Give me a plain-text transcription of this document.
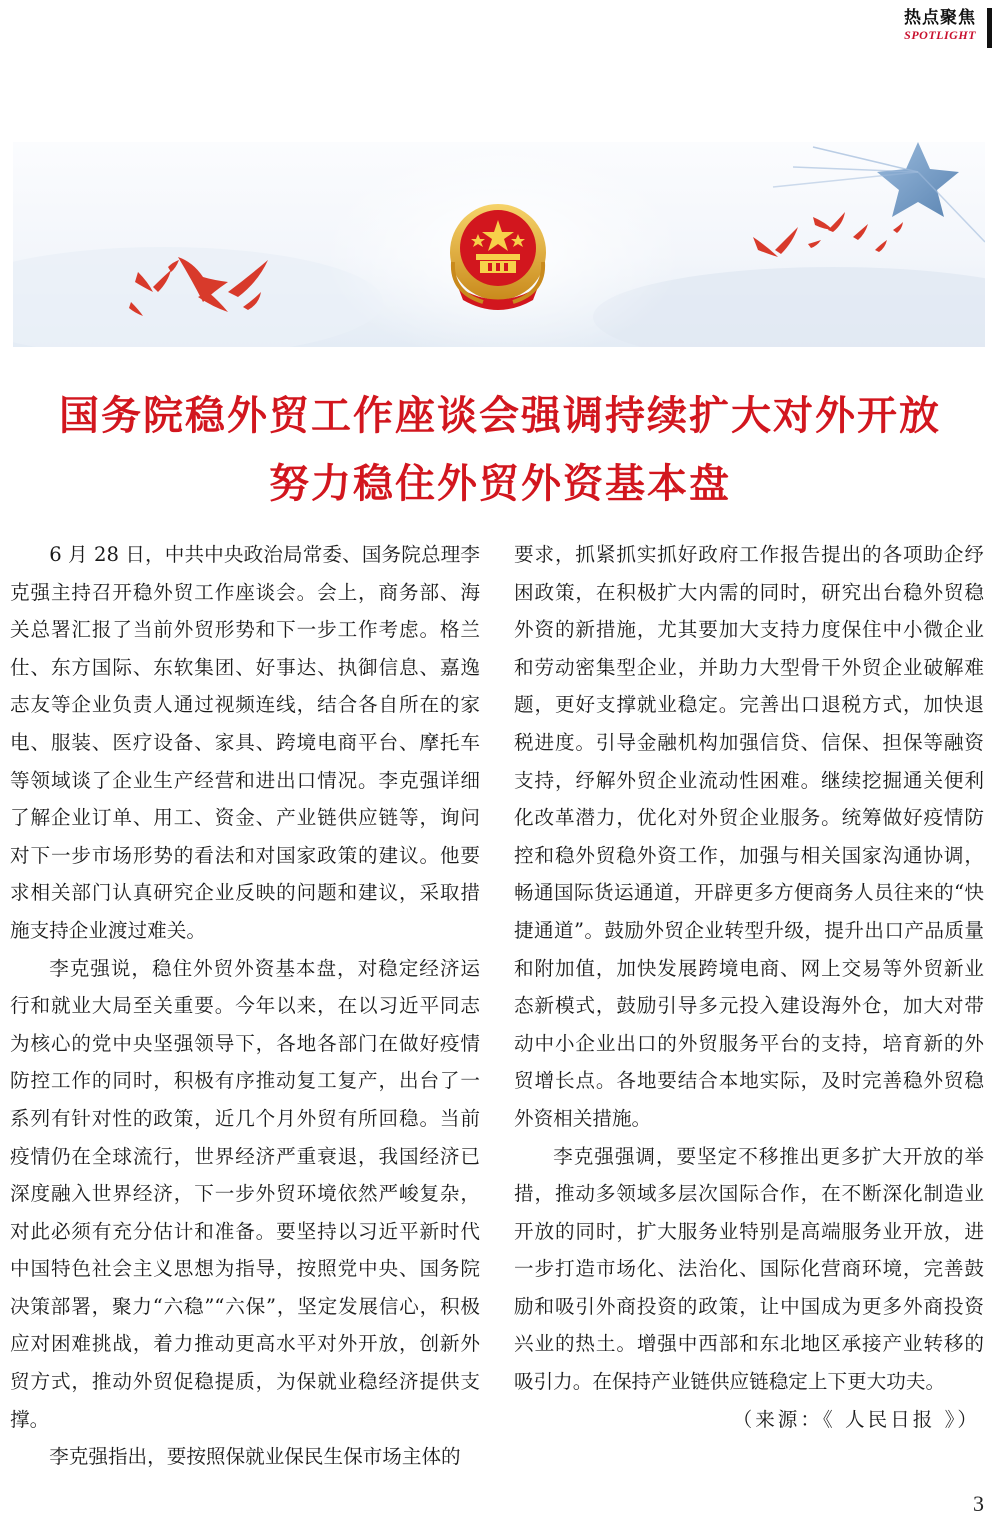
热点聚焦
SPOTLIGHT
国务院稳外贸工作座谈会强调持续扩大对外开放
努力稳住外贸外资基本盘

6 月 28 日，中共中央政治局常委、国务院总理李克强主持召开稳外贸工作座谈会。会上，商务部、海关总署汇报了当前外贸形势和下一步工作考虑。格兰仕、东方国际、东软集团、好事达、执御信息、嘉逸志友等企业负责人通过视频连线，结合各自所在的家电、服装、医疗设备、家具、跨境电商平台、摩托车等领域谈了企业生产经营和进出口情况。李克强详细了解企业订单、用工、资金、产业链供应链等，询问对下一步市场形势的看法和对国家政策的建议。他要求相关部门认真研究企业反映的问题和建议，采取措施支持企业渡过难关。

李克强说，稳住外贸外资基本盘，对稳定经济运行和就业大局至关重要。今年以来，在以习近平同志为核心的党中央坚强领导下，各地各部门在做好疫情防控工作的同时，积极有序推动复工复产，出台了一系列有针对性的政策，近几个月外贸有所回稳。当前疫情仍在全球流行，世界经济严重衰退，我国经济已深度融入世界经济，下一步外贸环境依然严峻复杂，对此必须有充分估计和准备。要坚持以习近平新时代中国特色社会主义思想为指导，按照党中央、国务院决策部署，聚力“六稳”“六保”，坚定发展信心，积极应对困难挑战，着力推动更高水平对外开放，创新外贸方式，推动外贸促稳提质，为保就业稳经济提供支撑。

李克强指出，要按照保就业保民生保市场主体的

要求，抓紧抓实抓好政府工作报告提出的各项助企纾困政策，在积极扩大内需的同时，研究出台稳外贸稳外资的新措施，尤其要加大支持力度保住中小微企业和劳动密集型企业，并助力大型骨干外贸企业破解难题，更好支撑就业稳定。完善出口退税方式，加快退税进度。引导金融机构加强信贷、信保、担保等融资支持，纾解外贸企业流动性困难。继续挖掘通关便利化改革潜力，优化对外贸企业服务。统筹做好疫情防控和稳外贸稳外资工作，加强与相关国家沟通协调，畅通国际货运通道，开辟更多方便商务人员往来的“快捷通道”。鼓励外贸企业转型升级，提升出口产品质量和附加值，加快发展跨境电商、网上交易等外贸新业态新模式，鼓励引导多元投入建设海外仓，加大对带动中小企业出口的外贸服务平台的支持，培育新的外贸增长点。各地要结合本地实际，及时完善稳外贸稳外资相关措施。

李克强强调，要坚定不移推出更多扩大开放的举措，推动多领域多层次国际合作，在不断深化制造业开放的同时，扩大服务业特别是高端服务业开放，进一步打造市场化、法治化、国际化营商环境，完善鼓励和吸引外商投资的政策，让中国成为更多外商投资兴业的热土。增强中西部和东北地区承接产业转移的吸引力。在保持产业链供应链稳定上下更大功夫。

（来源：《 人民日报 》）

3
